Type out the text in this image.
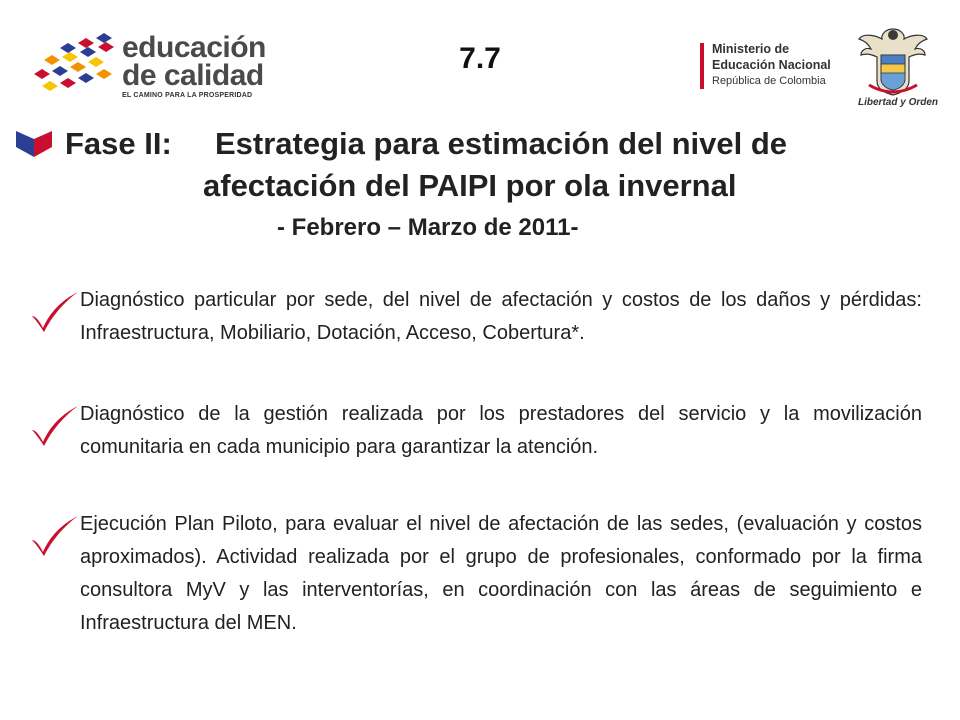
educación
de calidad
EL CAMINO PARA LA PROSPERIDAD
7.7	Ministerio de
Educación Nacional
República de Colombia
Libertad y Orden
Fase II: Estrategia para estimación del nivel de
afectación del PAIPI por ola invernal
- Febrero – Marzo de 2011-
Diagnóstico particular por sede, del nivel de afectación y costos de los daños y pérdidas: Infraestructura, Mobiliario, Dotación, Acceso, Cobertura*.
Diagnóstico de la gestión realizada por los prestadores del servicio y la movilización comunitaria en cada municipio para garantizar la atención.
Ejecución Plan Piloto, para evaluar el nivel de afectación de las sedes, (evaluación y costos aproximados). Actividad realizada por el grupo de profesionales, conformado por la firma consultora MyV y las interventorías, en coordinación con las áreas de seguimiento e Infraestructura del MEN.
